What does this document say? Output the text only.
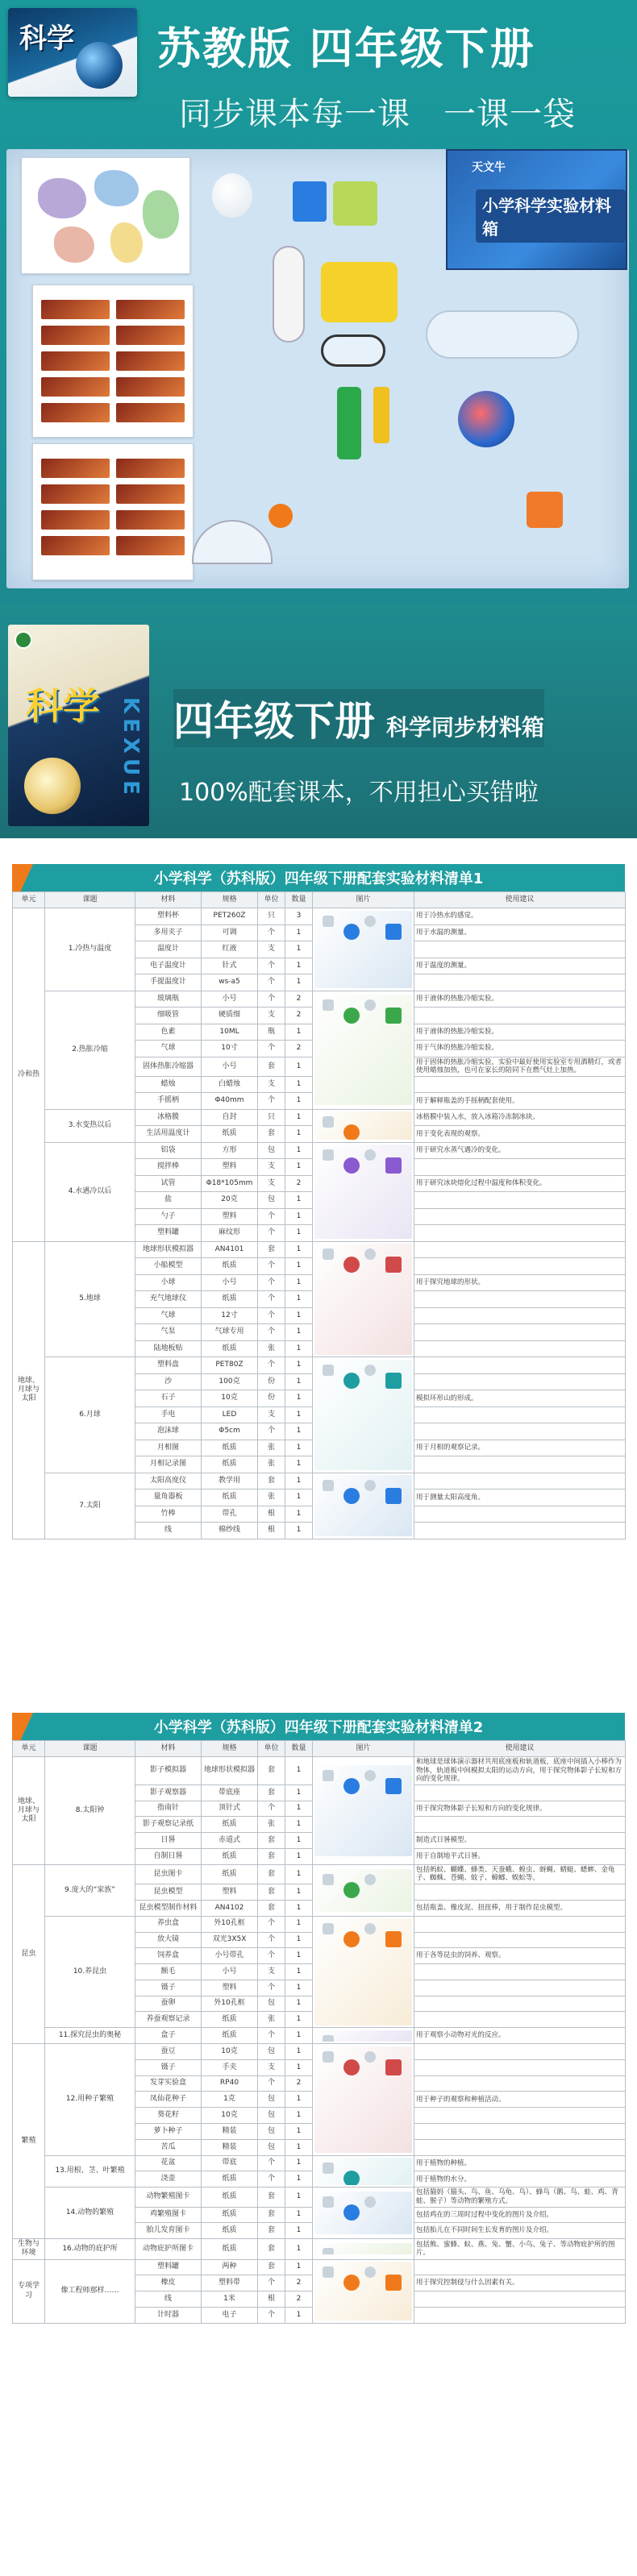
科学 苏教版 四年级下册
同步课本每一课　一课一袋
天文牛
小学科学实验材料箱
科学 KEXUE 四年级下册 科学同步材料箱
100%配套课本，不用担心买错啦
小学科学（苏科版）四年级下册配套实验材料清单1
单元	课题	材料	规格	单位	数量	图片	使用建议
冷和热	1.冷热与温度	塑料杯	PET260Z	只	3		用于冷热水的感觉。
		多用夹子	可调	个	1		用于水温的测量。
		温度计	红液	支	1		
		电子温度计	针式	个	1		用于温度的测量。
		手提温度计	ws-a5	个	1		
	2.热胀冷缩	玻璃瓶	小号	个	2		用于液体的热胀冷缩实验。
		细吸管	硬质细	支	2		
		色素	10ML	瓶	1		用于液体的热胀冷缩实验。
		气球	10寸	个	2		用于气体的热胀冷缩实验。
		固体热胀冷缩器	小号	套	1		用于固体的热胀冷缩实验，实验中最好使用实验室专用酒精灯，或者使用蜡烛加热，也可在家长的陪同下在燃气灶上加热。
		蜡烛	白蜡烛	支	1		
		手摇柄	Φ40mm	个	1		用于解释瓶盖的手摇柄配套使用。
	3.水变热以后	冰格膜	自封	只	1		冰格膜中装入水，放入冰箱冷冻制冰块。
		生活用温度计	纸质	套	1		用于变化表现的观察。
	4.水遇冷以后	铝袋	方形	包	1		用于研究水蒸气遇冷的变化。
		搅拌棒	塑料	支	1		
		试管	Φ18*105mm	支	2		用于研究冰块熔化过程中温度和体积变化。
		盐	20克	包	1		
		勺子	塑料	个	1		
		塑料罐	麻纹形	个	1		
地球、月球与太阳	5.地球	地球形状模拟器	AN4101	套	1	

		小船模型	纸质	个	1		
		小球	小号	个	1		用于探究地球的形状。
		充气地球仪	纸质	个	1		
		气球	12寸	个	1		
		气泵	气球专用	个	1		
		陆地板贴	纸质	张	1		
	6.月球	塑料盘	PET80Z	个	1	

		沙	100克	份	1		
		石子	10克	份	1		模拟环形山的形成。
		手电	LED	支	1		
		泡沫球	Φ5cm	个	1		
		月相图	纸质	张	1		用于月相的观察记录。
		月相记录图	纸质	张	1		
	7.太阳	太阳高度仪	教学用	套	1	

		量角器板	纸质	张	1		用于测量太阳高度角。
		竹棒	带孔	根	1		
		线	棉纱线	根	1		
小学科学（苏科版）四年级下册配套实验材料清单2
单元	课题	材料	规格	单位	数量	图片	使用建议
地球、月球与太阳	8.太阳钟	影子模拟器	地球形状模拟器	套	1		和地球是球体演示器材共用底座板和轨道板，底座中间插入小棒作为物体，轨道板中间模拟太阳的运动方向，用于探究物体影子长短和方向的变化规律。
		影子观察器	带底座	套	1		
		指南针	顶针式	个	1		用于探究物体影子长短和方向的变化规律。
		影子观察记录纸	纸质	张	1		
		日晷	赤道式	套	1		制造式日晷模型。
		自制日晷	纸质	套	1		用于自制地平式日晷。
昆虫	9.庞大的“家族”	昆虫图卡	纸质	套	1		包括蚂蚁、蝴蝶、蜂类、天蚕蛾、蝗虫、蚜蝇、蜻蜓、蟋蟀、金龟子、蜘蛛、苍蝇、蚊子、蟑螂、蜈蚣等。
		昆虫模型	塑料	套	1		
		昆虫模型制作材料	AN4102	套	1		包括瓶盖、橡皮泥、扭扭棒，用于制作昆虫模型。
	10.养昆虫	养虫盒	外10孔框	个	1	

		放大镜	双光3X5X	个	1		
		饲养盒	小号带孔	个	1		用于各等昆虫的饲养、观察。
		额毛	小号	支	1		
		镊子	塑料	个	1		
		蚕卵	外10孔框	包	1		
		养蚕观察记录	纸质	张	1		
	11.探究昆虫的奥秘	盒子	纸质	个	1		用于观察小动物对光的反应。
繁殖	12.用种子繁殖	蚕豆	10克	包	1	

		镊子	手夹	支	1		
		发芽实验盒	RP40	个	2		
		凤仙花种子	1克	包	1		用于种子的观察和种植活动。
		葵花籽	10克	包	1		
		萝卜种子	精装	包	1		
		苦瓜	精装	包	1		
	13.用根、茎、叶繁殖	花盆	带底	个	1		用于植物的种植。
		浇壶	纸质	个	1		用于植物的水分。
	14.动物的繁殖	动物繁殖图卡	纸质	套	1		包括猫妈（猫头、鸟、鱼、乌龟、鸟）、蜂鸟（鹅、鸟、蛙、鸡、青蛙、猴子）等动物的繁殖方式。
		鸡繁殖图卡	纸质	套	1		包括鸡在的三周时过程中变化的图片及介绍。
		胎儿发育图卡	纸质	套	1		包括胎儿在不同时间生长发育的图片及介绍。
生物与环境	16.动物的庇护所	动物庇护所图卡	纸质	套	1		包括熊、蜜蜂、蚁、燕、兔、蟹、小鸟、兔子、等动物庇护所的图片。
专项学习	像工程师那样……	塑料罐	两种	套	1	

		橡皮	塑料带	个	2		用于探究控制侵与什么因素有关。
		线	1米	根	2		
		计时器	电子	个	1		
